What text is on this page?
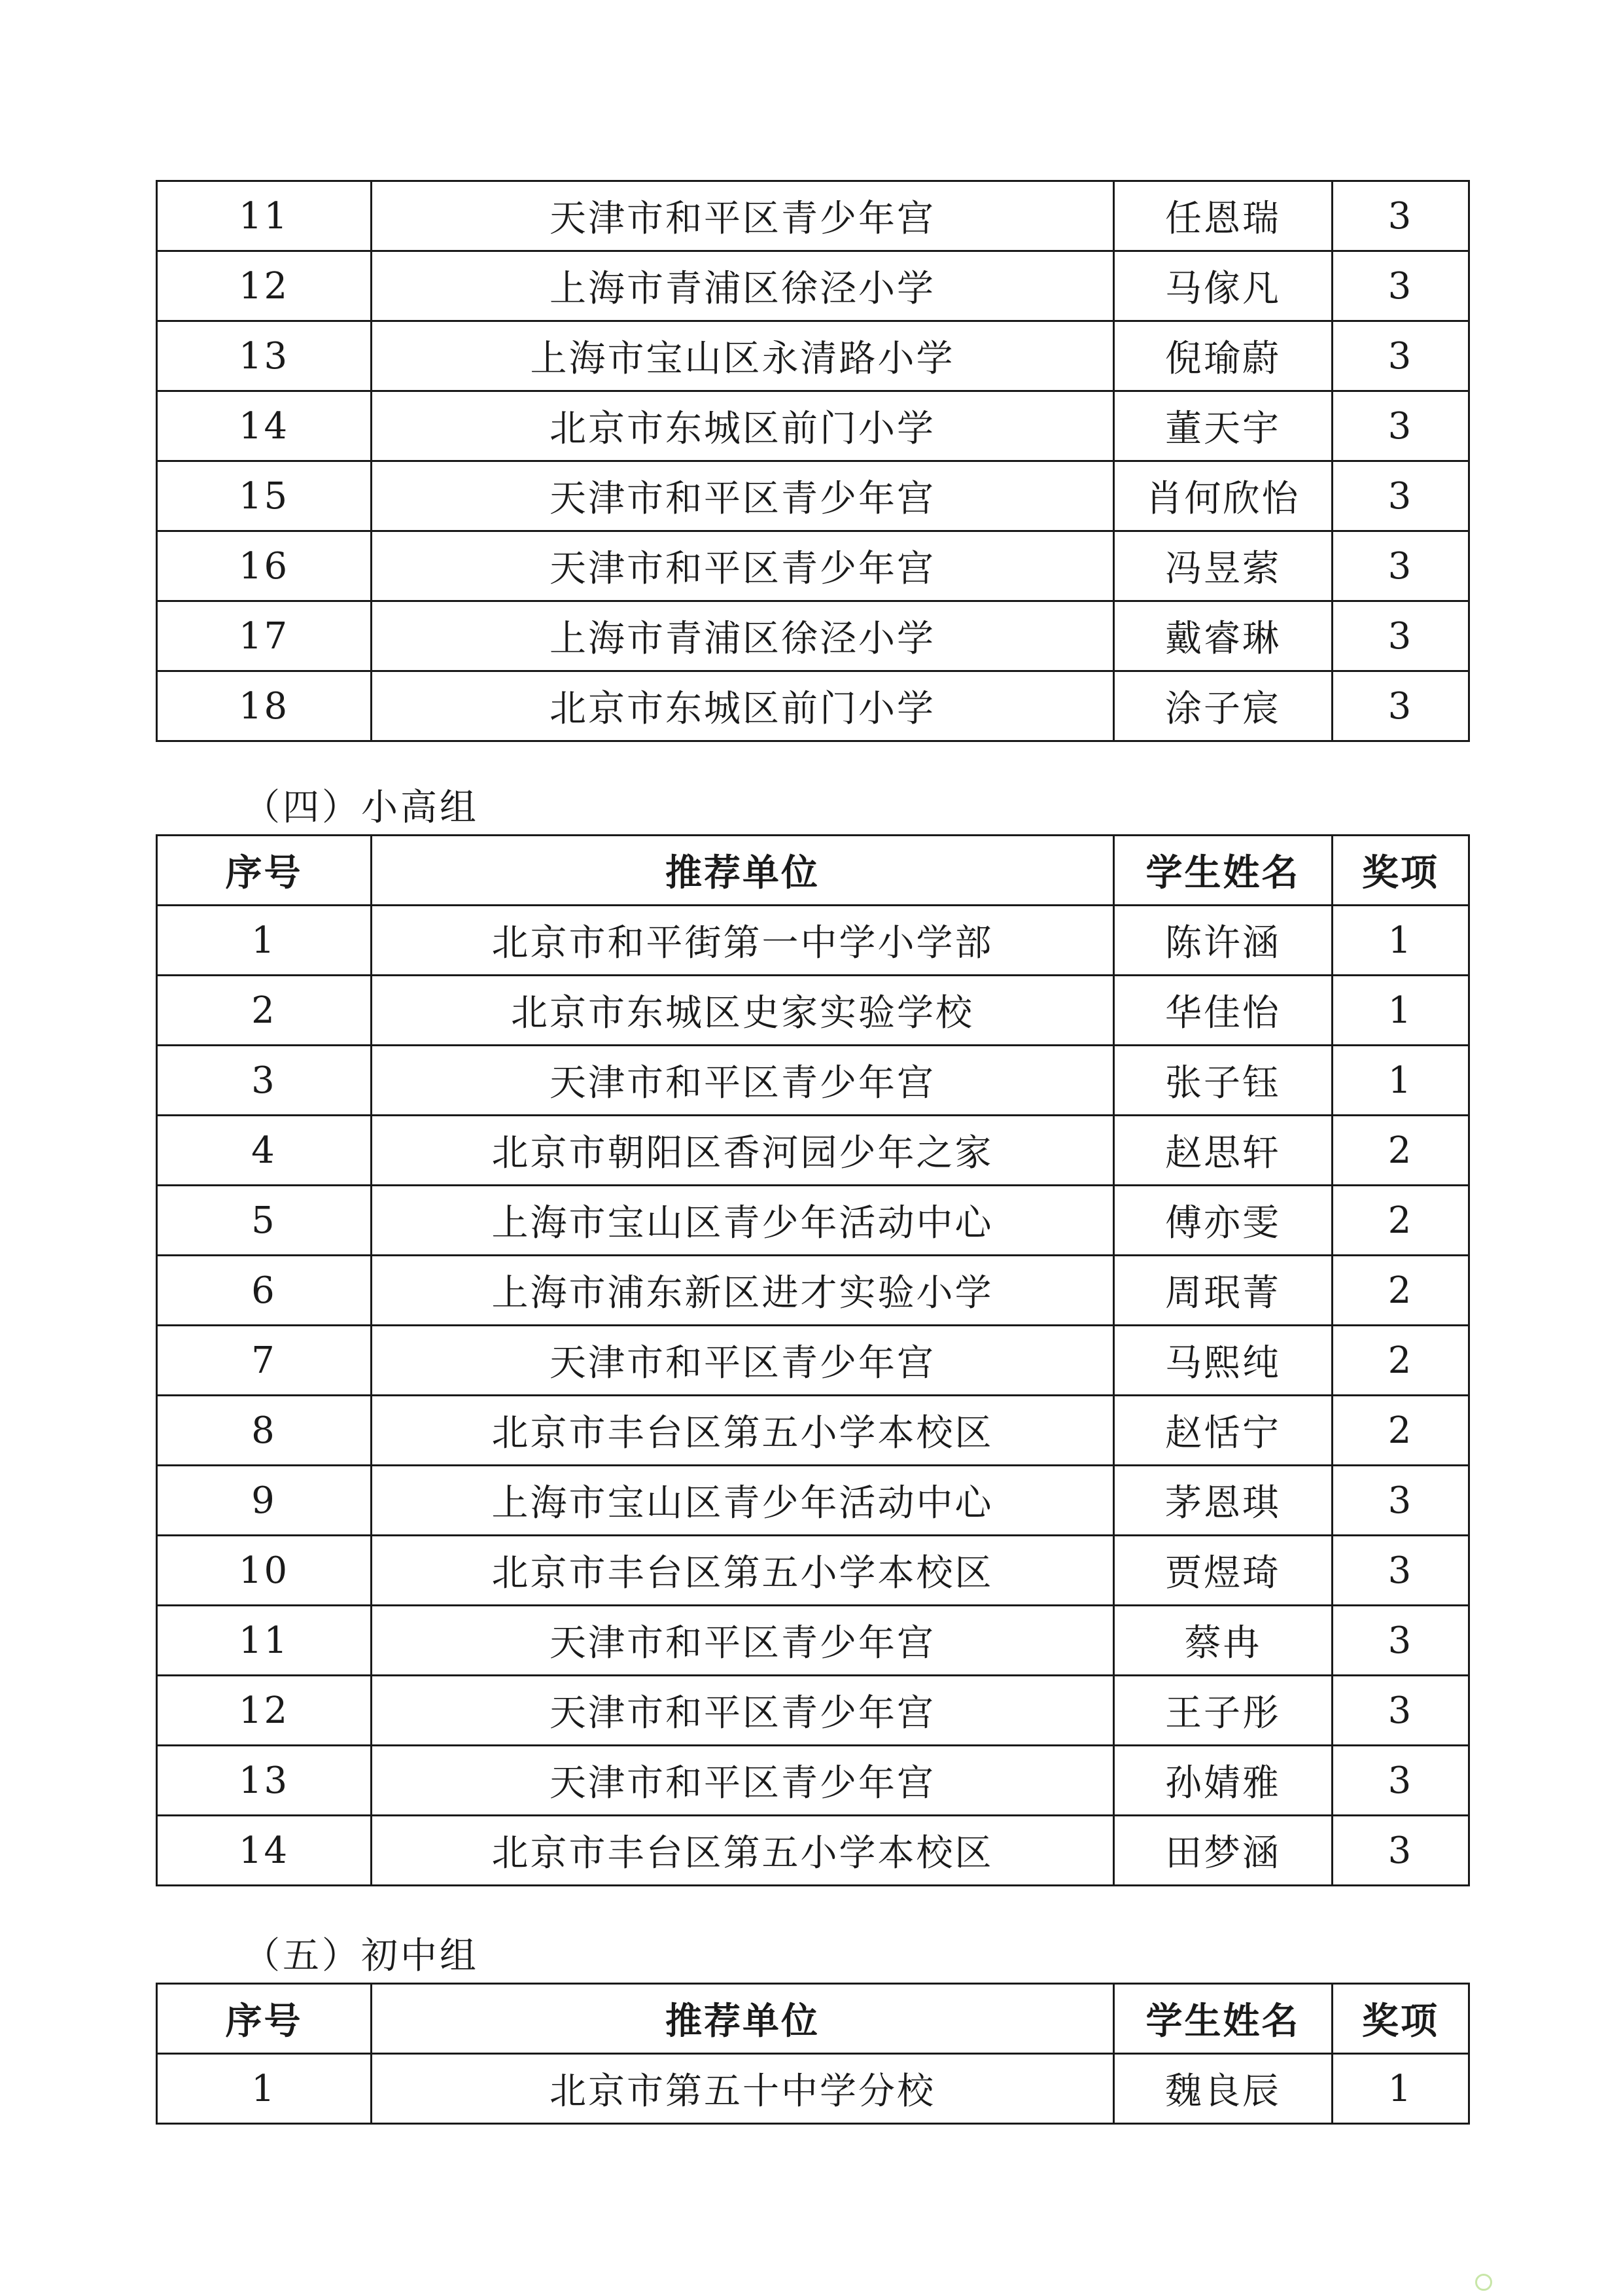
11	天津市和平区青少年宫	任恩瑞	3
12	上海市青浦区徐泾小学	马傢凡	3
13	上海市宝山区永清路小学	倪瑜蔚	3
14	北京市东城区前门小学	董天宇	3
15	天津市和平区青少年宫	肖何欣怡	3
16	天津市和平区青少年宫	冯昱萦	3
17	上海市青浦区徐泾小学	戴睿琳	3
18	北京市东城区前门小学	涂子宸	3
（四）小高组
序号	推荐单位	学生姓名	奖项
1	北京市和平街第一中学小学部	陈许涵	1
2	北京市东城区史家实验学校	华佳怡	1
3	天津市和平区青少年宫	张子钰	1
4	北京市朝阳区香河园少年之家	赵思轩	2
5	上海市宝山区青少年活动中心	傅亦雯	2
6	上海市浦东新区进才实验小学	周珉菁	2
7	天津市和平区青少年宫	马熙纯	2
8	北京市丰台区第五小学本校区	赵恬宁	2
9	上海市宝山区青少年活动中心	茅恩琪	3
10	北京市丰台区第五小学本校区	贾煜琦	3
11	天津市和平区青少年宫	蔡冉	3
12	天津市和平区青少年宫	王子彤	3
13	天津市和平区青少年宫	孙婧雅	3
14	北京市丰台区第五小学本校区	田梦涵	3
（五）初中组
序号	推荐单位	学生姓名	奖项
1	北京市第五十中学分校	魏良辰	1
